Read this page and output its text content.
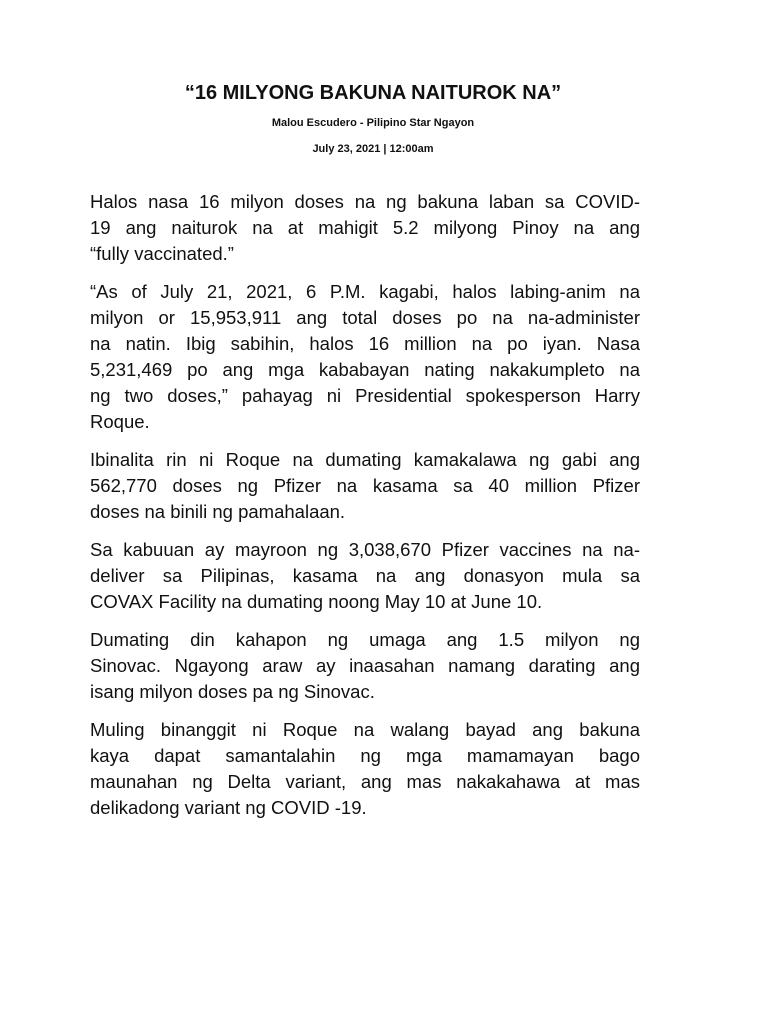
“16 MILYONG BAKUNA NAITUROK NA”
Malou Escudero - Pilipino Star Ngayon
July 23, 2021 | 12:00am

Halos nasa 16 milyon doses na ng bakuna laban sa COVID-
19 ang naiturok na at mahigit 5.2 milyong Pinoy na ang
“fully vaccinated.”

“As of July 21, 2021, 6 P.M. kagabi, halos labing-anim na
milyon or 15,953,911 ang total doses po na na-administer
na natin. Ibig sabihin, halos 16 million na po iyan. Nasa
5,231,469 po ang mga kababayan nating nakakumpleto na
ng two doses,” pahayag ni Presidential spokesperson Harry
Roque.

Ibinalita rin ni Roque na dumating kamakalawa ng gabi ang
562,770 doses ng Pfizer na kasama sa 40 million Pfizer
doses na binili ng pamahalaan.

Sa kabuuan ay mayroon ng 3,038,670 Pfizer vaccines na na-
deliver sa Pilipinas, kasama na ang donasyon mula sa
COVAX Facility na dumating noong May 10 at June 10.

Dumating din kahapon ng umaga ang 1.5 milyon ng
Sinovac. Ngayong araw ay inaasahan namang darating ang
isang milyon doses pa ng Sinovac.

Muling binanggit ni Roque na walang bayad ang bakuna
kaya dapat samantalahin ng mga mamamayan bago
maunahan ng Delta variant, ang mas nakakahawa at mas
delikadong variant ng COVID -19.
